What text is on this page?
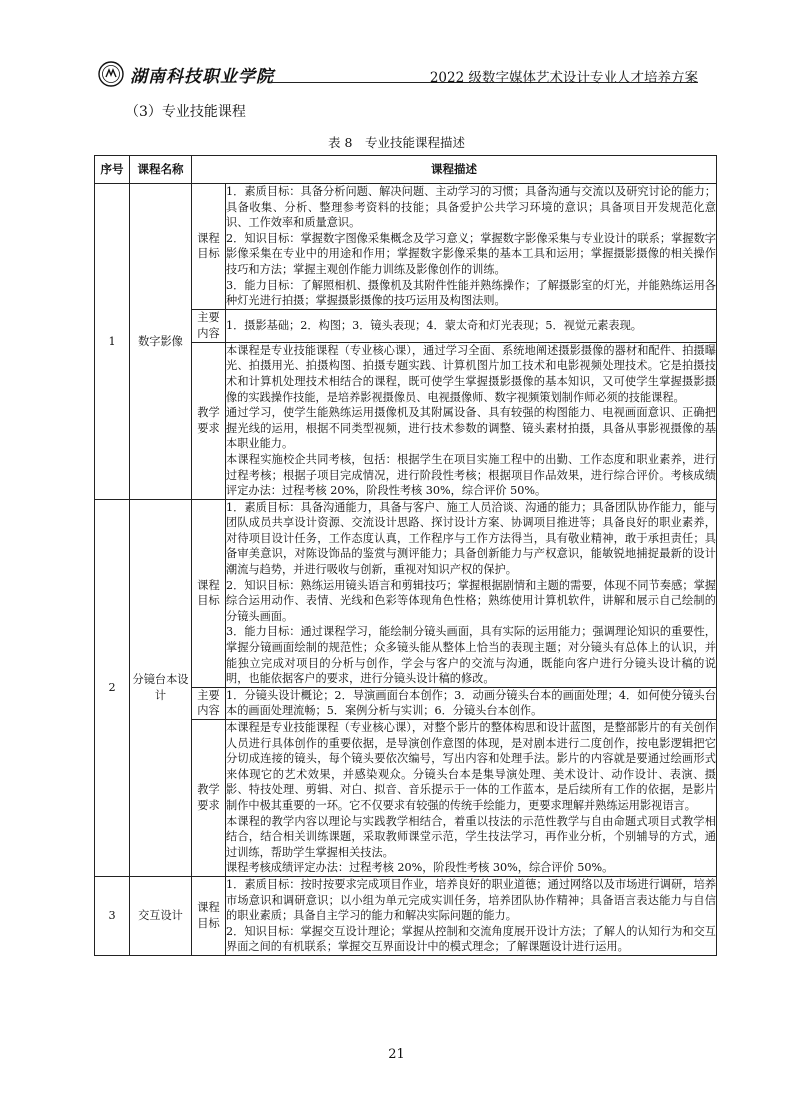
湖南科技职业学院	2022 级数字媒体艺术设计专业人才培养方案
（3）专业技能课程
表 8　专业技能课程描述
序号	课程名称	课程描述	
1	数字影像	课程目标	1．素质目标：具备分析问题、解决问题、主动学习的习惯；具备沟通与交流以及研究讨论的能力；具备收集、分析、整理参考资料的技能；具备爱护公共学习环境的意识；具备项目开发规范化意识、工作效率和质量意识。

2．知识目标：掌握数字图像采集概念及学习意义；掌握数字影像采集与专业设计的联系；掌握数字影像采集在专业中的用途和作用；掌握数字影像采集的基本工具和运用；掌握摄影摄像的相关操作技巧和方法；掌握主观创作能力训练及影像创作的训练。

3．能力目标：了解照相机、摄像机及其附件性能并熟练操作；了解摄影室的灯光，并能熟练运用各种灯光进行拍摄；掌握摄影摄像的技巧运用及构图法则。

		主要内容	1．摄影基础；2．构图；3．镜头表现；4．蒙太奇和灯光表现；5．视觉元素表现。

		教学要求	本课程是专业技能课程（专业核心课），通过学习全面、系统地阐述摄影摄像的器材和配件、拍摄曝光、拍摄用光、拍摄构图、拍摄专题实践、计算机图片加工技术和电影视频处理技术。它是拍摄技术和计算机处理技术相结合的课程，既可使学生掌握摄影摄像的基本知识，又可使学生掌握摄影摄像的实践操作技能，是培养影视摄像员、电视摄像师、数字视频策划制作师必须的技能课程。

通过学习，使学生能熟练运用摄像机及其附属设备、具有较强的构图能力、电视画面意识、正确把握光线的运用，根据不同类型视频，进行技术参数的调整、镜头素材拍摄，具备从事影视摄像的基本职业能力。

本课程实施校企共同考核，包括：根据学生在项目实施工程中的出勤、工作态度和职业素养，进行过程考核；根据子项目完成情况，进行阶段性考核；根据项目作品效果，进行综合评价。考核成绩评定办法：过程考核 20%，阶段性考核 30%，综合评价 50%。

2	分镜台本设计	课程目标	1．素质目标：具备沟通能力，具备与客户、施工人员洽谈、沟通的能力；具备团队协作能力，能与团队成员共享设计资源、交流设计思路、探讨设计方案、协调项目推进等；具备良好的职业素养，对待项目设计任务，工作态度认真，工作程序与工作方法得当，具有敬业精神，敢于承担责任；具备审美意识，对陈设饰品的鉴赏与测评能力；具备创新能力与产权意识，能敏锐地捕捉最新的设计潮流与趋势，并进行吸收与创新，重视对知识产权的保护。

2．知识目标：熟练运用镜头语言和剪辑技巧；掌握根据剧情和主题的需要，体现不同节奏感；掌握综合运用动作、表情、光线和色彩等体现角色性格；熟练使用计算机软件，讲解和展示自己绘制的分镜头画面。

3．能力目标：通过课程学习，能绘制分镜头画面，具有实际的运用能力；强调理论知识的重要性，掌握分镜画面绘制的规范性；众多镜头能从整体上恰当的表现主题；对分镜头有总体上的认识，并能独立完成对项目的分析与创作，学会与客户的交流与沟通，既能向客户进行分镜头设计稿的说明，也能依据客户的要求，进行分镜头设计稿的修改。

		主要内容	1．分镜头设计概论；2．导演画面台本创作；3．动画分镜头台本的画面处理；4．如何使分镜头台本的画面处理流畅；5．案例分析与实训；6．分镜头台本创作。

		教学要求	本课程是专业技能课程（专业核心课），对整个影片的整体构思和设计蓝图，是整部影片的有关创作人员进行具体创作的重要依据，是导演创作意图的体现，是对剧本进行二度创作，按电影逻辑把它分切成连接的镜头，每个镜头要依次编号，写出内容和处理手法。影片的内容就是要通过绘画形式来体现它的艺术效果，并感染观众。分镜头台本是集导演处理、美术设计、动作设计、表演、摄影、特技处理、剪辑、对白、拟音、音乐提示于一体的工作蓝本，是后续所有工作的依据，是影片制作中极其重要的一环。它不仅要求有较强的传统手绘能力，更要求理解并熟练运用影视语言。

本课程的教学内容以理论与实践教学相结合，着重以技法的示范性教学与自由命题式项目式教学相结合，结合相关训练课题，采取教师课堂示范，学生技法学习，再作业分析，个别辅导的方式，通过训练，帮助学生掌握相关技法。

课程考核成绩评定办法：过程考核 20%，阶段性考核 30%，综合评价 50%。

3	交互设计	课程目标	1．素质目标：按时按要求完成项目作业，培养良好的职业道德；通过网络以及市场进行调研，培养市场意识和调研意识；以小组为单元完成实训任务，培养团队协作精神；具备语言表达能力与自信的职业素质；具备自主学习的能力和解决实际问题的能力。

2．知识目标：掌握交互设计理论；掌握从控制和交流角度展开设计方法；了解人的认知行为和交互界面之间的有机联系；掌握交互界面设计中的模式理念；了解课题设计进行运用。

21
